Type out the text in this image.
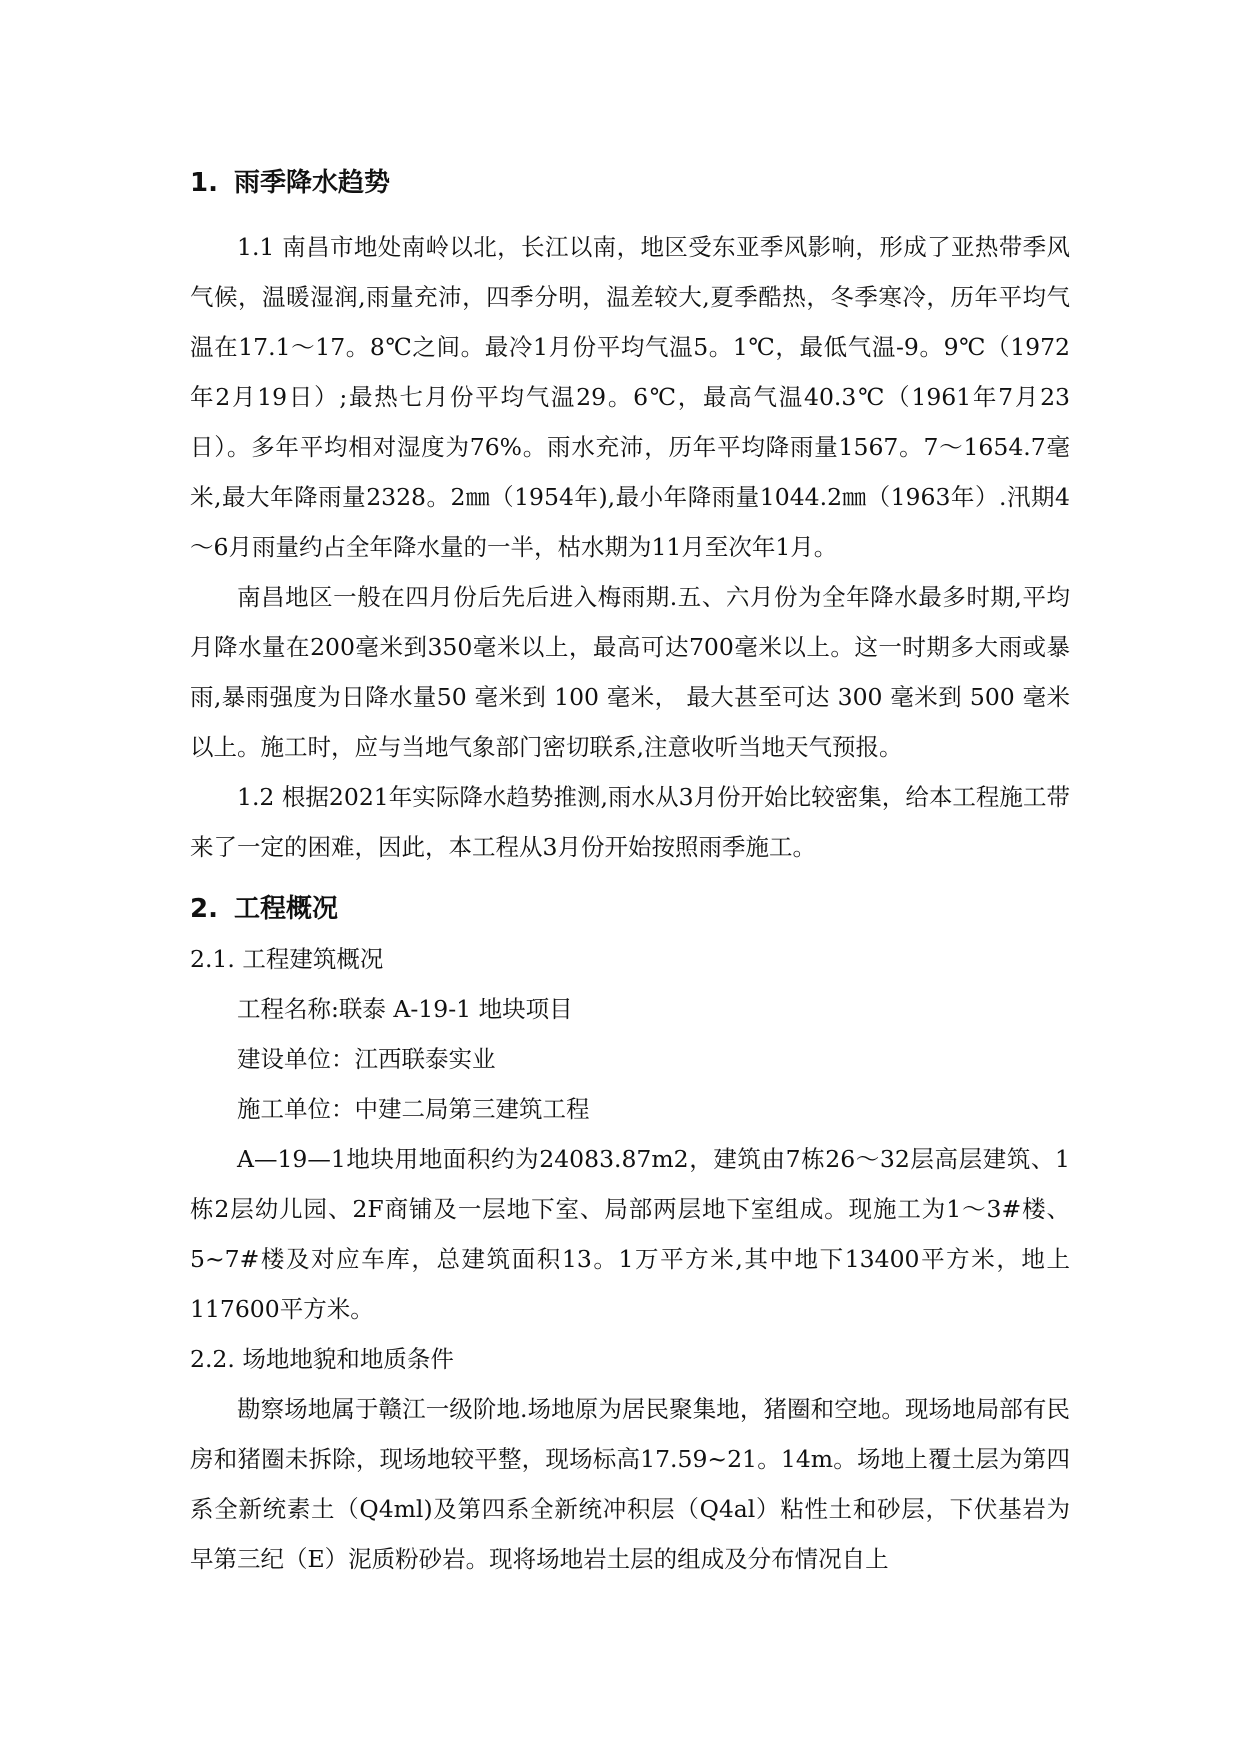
1. 雨季降水趋势

1.1 南昌市地处南岭以北，长江以南，地区受东亚季风影响，形成了亚热带季风气候，温暖湿润,雨量充沛，四季分明，温差较大,夏季酷热，冬季寒冷，历年平均气温在17.1～17。8℃之间。最冷1月份平均气温5。1℃，最低气温-9。9℃（1972年2月19日）;最热七月份平均气温29。6℃，最高气温40.3℃（1961年7月23日）。多年平均相对湿度为76%。雨水充沛，历年平均降雨量1567。7～1654.7毫米,最大年降雨量2328。2㎜（1954年),最小年降雨量1044.2㎜（1963年）.汛期4～6月雨量约占全年降水量的一半，枯水期为11月至次年1月。

南昌地区一般在四月份后先后进入梅雨期.五、六月份为全年降水最多时期,平均月降水量在200毫米到350毫米以上，最高可达700毫米以上。这一时期多大雨或暴雨,暴雨强度为日降水量50 毫米到 100 毫米， 最大甚至可达 300 毫米到 500 毫米以上。施工时，应与当地气象部门密切联系,注意收听当地天气预报。

1.2 根据2021年实际降水趋势推测,雨水从3月份开始比较密集，给本工程施工带来了一定的困难，因此，本工程从3月份开始按照雨季施工。

2. 工程概况

2.1. 工程建筑概况

工程名称:联泰 A-19-1 地块项目

建设单位：江西联泰实业

施工单位：中建二局第三建筑工程

A—19—1地块用地面积约为24083.87m2，建筑由7栋26～32层高层建筑、1栋2层幼儿园、2F商铺及一层地下室、局部两层地下室组成。现施工为1～3#楼、5~7#楼及对应车库，总建筑面积13。1万平方米,其中地下13400平方米，地上117600平方米。

2.2. 场地地貌和地质条件

勘察场地属于赣江一级阶地.场地原为居民聚集地，猪圈和空地。现场地局部有民房和猪圈未拆除，现场地较平整，现场标高17.59~21。14m。场地上覆土层为第四系全新统素土（Q4ml)及第四系全新统冲积层（Q4al）粘性土和砂层，下伏基岩为早第三纪（E）泥质粉砂岩。现将场地岩土层的组成及分布情况自上
